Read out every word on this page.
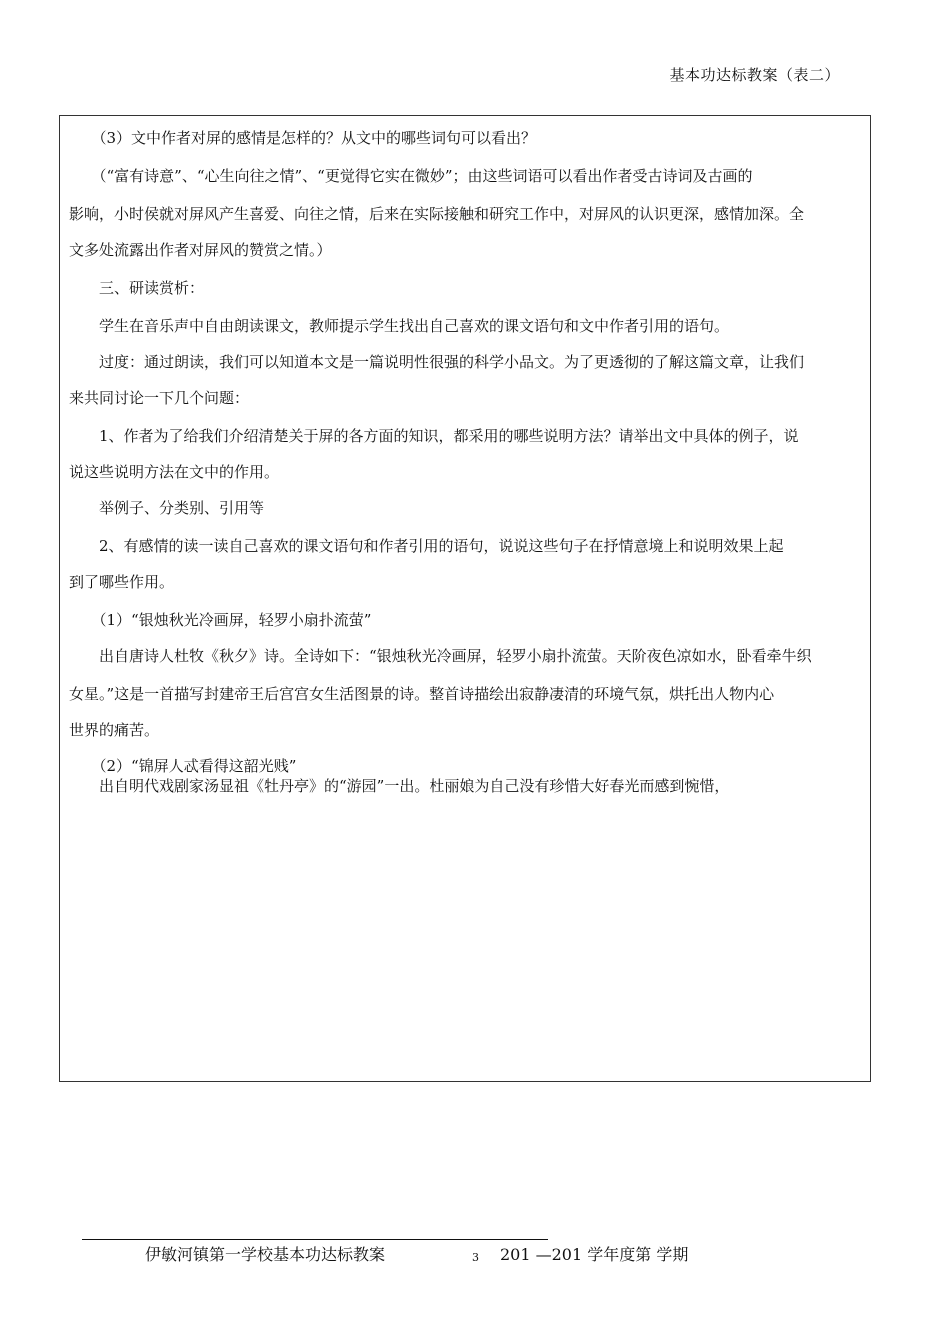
基本功达标教案（表二）
　　（3）文中作者对屏的感情是怎样的？从文中的哪些词句可以看出？
　　（“富有诗意”、“心生向往之情”、“更觉得它实在微妙”；由这些词语可以看出作者受古诗词及古画的
影响，小时侯就对屏风产生喜爱、向往之情，后来在实际接触和研究工作中，对屏风的认识更深，感情加深。全
文多处流露出作者对屏风的赞赏之情。）
　　三、研读赏析：
　　学生在音乐声中自由朗读课文，教师提示学生找出自己喜欢的课文语句和文中作者引用的语句。
　　过度：通过朗读，我们可以知道本文是一篇说明性很强的科学小品文。为了更透彻的了解这篇文章，让我们
来共同讨论一下几个问题：
　　1、作者为了给我们介绍清楚关于屏的各方面的知识，都采用的哪些说明方法？请举出文中具体的例子，说
说这些说明方法在文中的作用。
　　举例子、分类别、引用等
　　2、有感情的读一读自己喜欢的课文语句和作者引用的语句，说说这些句子在抒情意境上和说明效果上起
到了哪些作用。
　　（1）“银烛秋光冷画屏，轻罗小扇扑流萤”
　　出自唐诗人杜牧《秋夕》诗。全诗如下：“银烛秋光冷画屏，轻罗小扇扑流萤。天阶夜色凉如水，卧看牵牛织
女星。”这是一首描写封建帝王后宫宫女生活图景的诗。整首诗描绘出寂静凄清的环境气氛，烘托出人物内心
世界的痛苦。
　　（2）“锦屏人忒看得这韶光贱”
　　出自明代戏剧家汤显祖《牡丹亭》的“游园”一出。杜丽娘为自己没有珍惜大好春光而感到惋惜，
伊敏河镇第一学校基本功达标教案	3 201 —201 学年度第 学期
